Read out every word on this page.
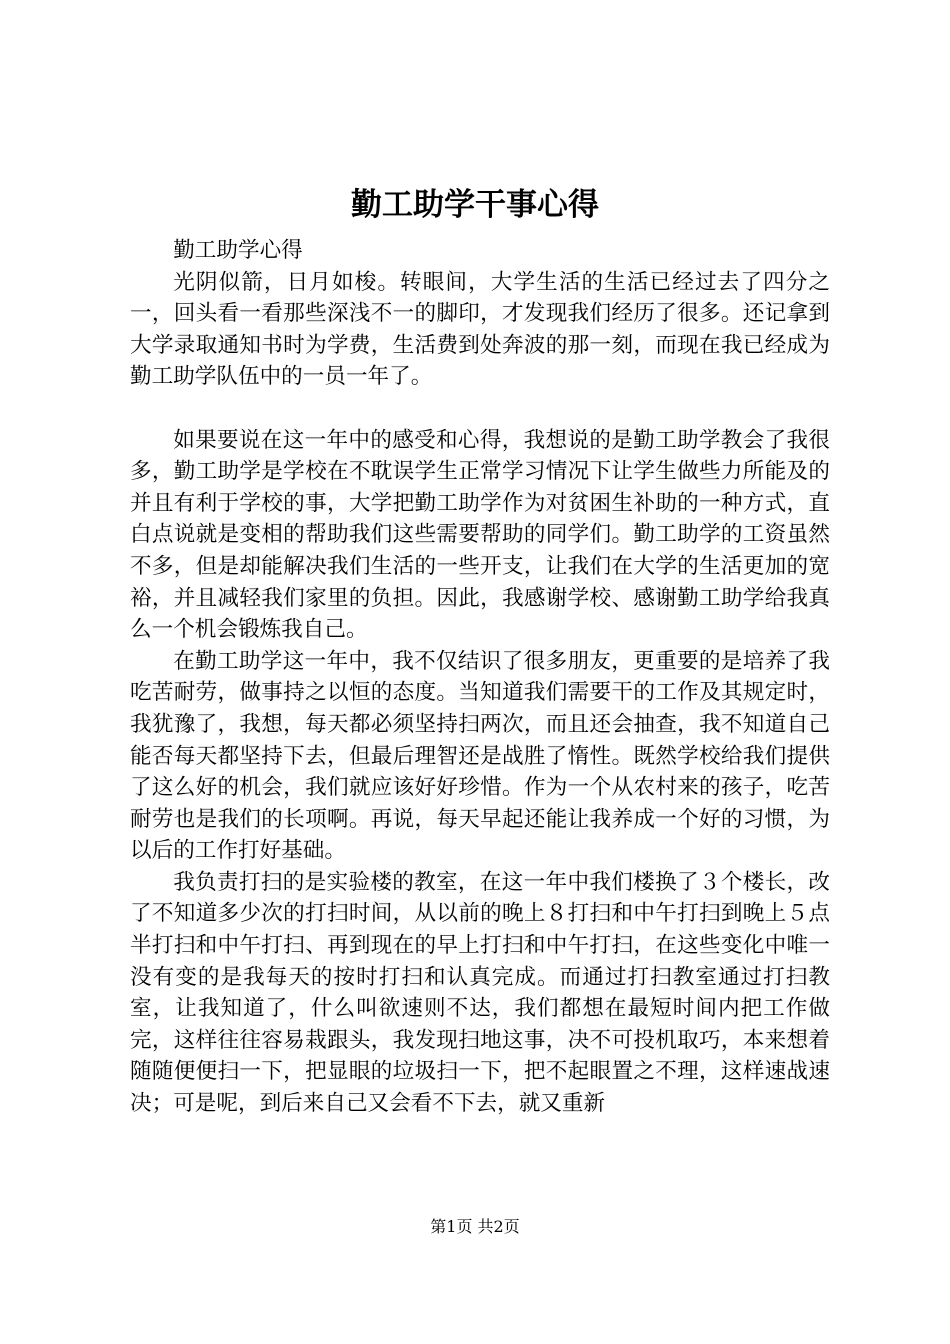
勤工助学干事心得

勤工助学心得

光阴似箭，日月如梭。转眼间，大学生活的生活已经过去了四分之一，回头看一看那些深浅不一的脚印，才发现我们经历了很多。还记拿到大学录取通知书时为学费，生活费到处奔波的那一刻，而现在我已经成为勤工助学队伍中的一员一年了。

如果要说在这一年中的感受和心得，我想说的是勤工助学教会了我很多，勤工助学是学校在不耽误学生正常学习情况下让学生做些力所能及的并且有利于学校的事，大学把勤工助学作为对贫困生补助的一种方式，直白点说就是变相的帮助我们这些需要帮助的同学们。勤工助学的工资虽然不多，但是却能解决我们生活的一些开支，让我们在大学的生活更加的宽裕，并且减轻我们家里的负担。因此，我感谢学校、感谢勤工助学给我真么一个机会锻炼我自己。

在勤工助学这一年中，我不仅结识了很多朋友，更重要的是培养了我吃苦耐劳，做事持之以恒的态度。当知道我们需要干的工作及其规定时，我犹豫了，我想，每天都必须坚持扫两次，而且还会抽查，我不知道自己能否每天都坚持下去，但最后理智还是战胜了惰性。既然学校给我们提供了这么好的机会，我们就应该好好珍惜。作为一个从农村来的孩子，吃苦耐劳也是我们的长项啊。再说，每天早起还能让我养成一个好的习惯，为以后的工作打好基础。

我负责打扫的是实验楼的教室，在这一年中我们楼换了３个楼长，改了不知道多少次的打扫时间，从以前的晚上８打扫和中午打扫到晚上５点半打扫和中午打扫、再到现在的早上打扫和中午打扫，在这些变化中唯一没有变的是我每天的按时打扫和认真完成。而通过打扫教室通过打扫教室，让我知道了，什么叫欲速则不达，我们都想在最短时间内把工作做完，这样往往容易栽跟头，我发现扫地这事，决不可投机取巧，本来想着随随便便扫一下，把显眼的垃圾扫一下，把不起眼置之不理，这样速战速决；可是呢，到后来自己又会看不下去，就又重新

第1页 共2页
